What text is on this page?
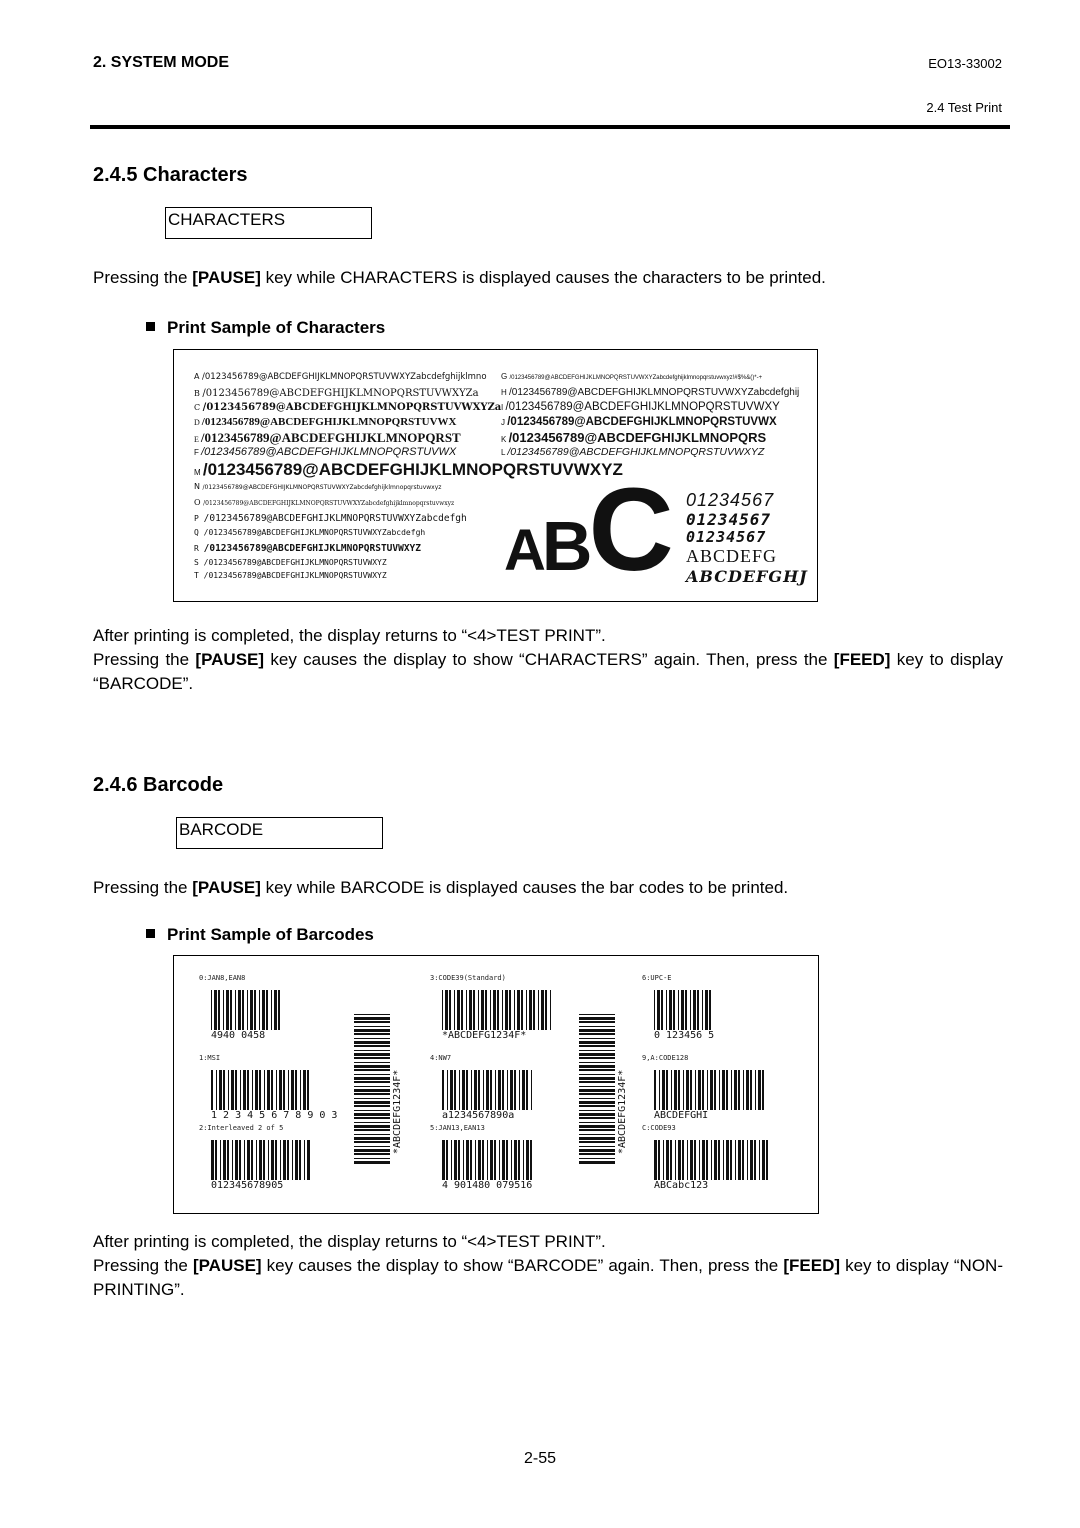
2. SYSTEM MODE	EO13-33002
2.4 Test Print
2.4.5 Characters
CHARACTERS

Pressing the [PAUSE] key while CHARACTERS is displayed causes the characters to be printed.

Print Sample of Characters
A /0123456789@ABCDEFGHIJKLMNOPQRSTUVWXYZabcdefghijklmno
B /0123456789@ABCDEFGHIJKLMNOPQRSTUVWXYZa
C /0123456789@ABCDEFGHIJKLMNOPQRSTUVWXYZa
D /0123456789@ABCDEFGHIJKLMNOPQRSTUVWX
E /0123456789@ABCDEFGHIJKLMNOPQRST
F /0123456789@ABCDEFGHIJKLMNOPQRSTUVWX
M /0123456789@ABCDEFGHIJKLMNOPQRSTUVWXYZ
N /0123456789@ABCDEFGHIJKLMNOPQRSTUVWXYZabcdefghijklmnopqrstuvwxyz
O /0123456789@ABCDEFGHIJKLMNOPQRSTUVWXYZabcdefghijklmnopqrstuvwxyz
P /0123456789@ABCDEFGHIJKLMNOPQRSTUVWXYZabcdefgh
Q /0123456789@ABCDEFGHIJKLMNOPQRSTUVWXYZabcdefgh
R /0123456789@ABCDEFGHIJKLMNOPQRSTUVWXYZ
S /0123456789@ABCDEFGHIJKLMNOPQRSTUVWXYZ
T /0123456789@ABCDEFGHIJKLMNOPQRSTUVWXYZ
G /0123456789@ABCDEFGHIJKLMNOPQRSTUVWXYZabcdefghijklmnopqrstuvwxyz!#$%&()*-+
H /0123456789@ABCDEFGHIJKLMNOPQRSTUVWXYZabcdefghij
I /0123456789@ABCDEFGHIJKLMNOPQRSTUVWXY
J /0123456789@ABCDEFGHIJKLMNOPQRSTUVWX
K /0123456789@ABCDEFGHIJKLMNOPQRS
L /0123456789@ABCDEFGHIJKLMNOPQRSTUVWXYZ
ABC 01234567
01234567
01234567
ABCDEFG
ABCDEFGHJ

After printing is completed, the display returns to “<4>TEST PRINT”.

Pressing the [PAUSE] key causes the display to show “CHARACTERS” again. Then, press the [FEED] key to display “BARCODE”.

2.4.6 Barcode
BARCODE

Pressing the [PAUSE] key while BARCODE is displayed causes the bar codes to be printed.

Print Sample of Barcodes
0:JAN8,EAN8
4940 0458
1:MSI
1 2 3 4 5 6 7 8 9 0 3
2:Interleaved 2 of 5
012345678905
3:CODE39(Standard)
*ABCDEFG1234F*
4:NW7
a1234567890a
5:JAN13,EAN13
4 901480 079516
6:UPC-E
0 123456 5
9,A:CODE128
ABCDEFGHI
C:CODE93
ABCabc123
*ABCDEFG1234F*	*ABCDEFG1234F*

After printing is completed, the display returns to “<4>TEST PRINT”.

Pressing the [PAUSE] key causes the display to show “BARCODE” again. Then, press the [FEED] key to display “NON-PRINTING”.

2-55
